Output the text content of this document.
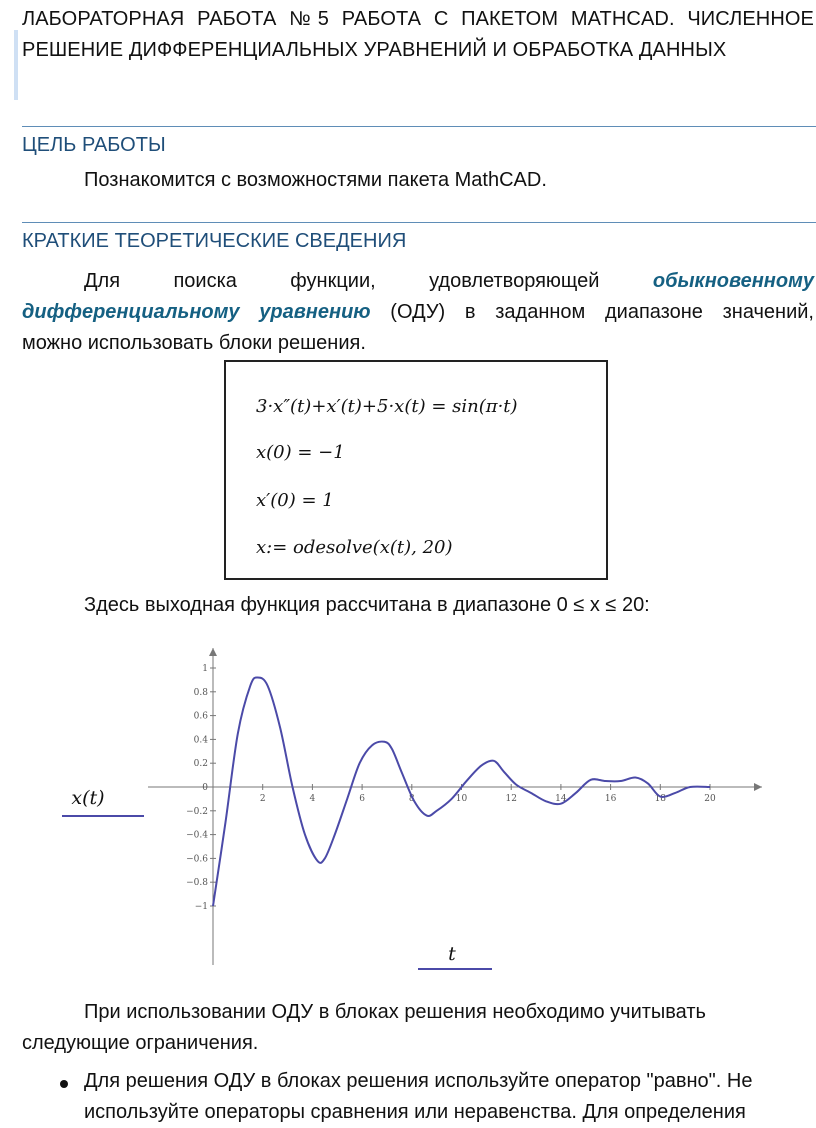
ЛАБОРАТОРНАЯ РАБОТА №5 РАБОТА С ПАКЕТОМ MATHCAD. ЧИСЛЕННОЕ
РЕШЕНИЕ ДИФФЕРЕНЦИАЛЬНЫХ УРАВНЕНИЙ И ОБРАБОТКА ДАННЫХ
ЦЕЛЬ РАБОТЫ
Познакомится с возможностями пакета MathCAD.
КРАТКИЕ ТЕОРЕТИЧЕСКИЕ СВЕДЕНИЯ
Для поиска функции, удовлетворяющей	обыкновенному
дифференциальному уравнению (ОДУ) в заданном диапазоне значений,
можно использовать блоки решения.
3·x″(t)+x′(t)+5·x(t) = sin(π·t)
x(0) = −1
x′(0) = 1
x:= odesolve(x(t), 20)
Здесь выходная функция рассчитана в диапазоне 0 ≤ x ≤ 20:
2	4	6	8	10	12	14	16	18	20
1
0.8
0.6
0.4
0.2
0
−0.2
−0.4
−0.6
−0.8
−1
x(t)
t
При использовании ОДУ в блоках решения необходимо учитывать
следующие ограничения.
Для решения ОДУ в блоках решения используйте оператор "равно". Не
используйте операторы сравнения или неравенства. Для определения
